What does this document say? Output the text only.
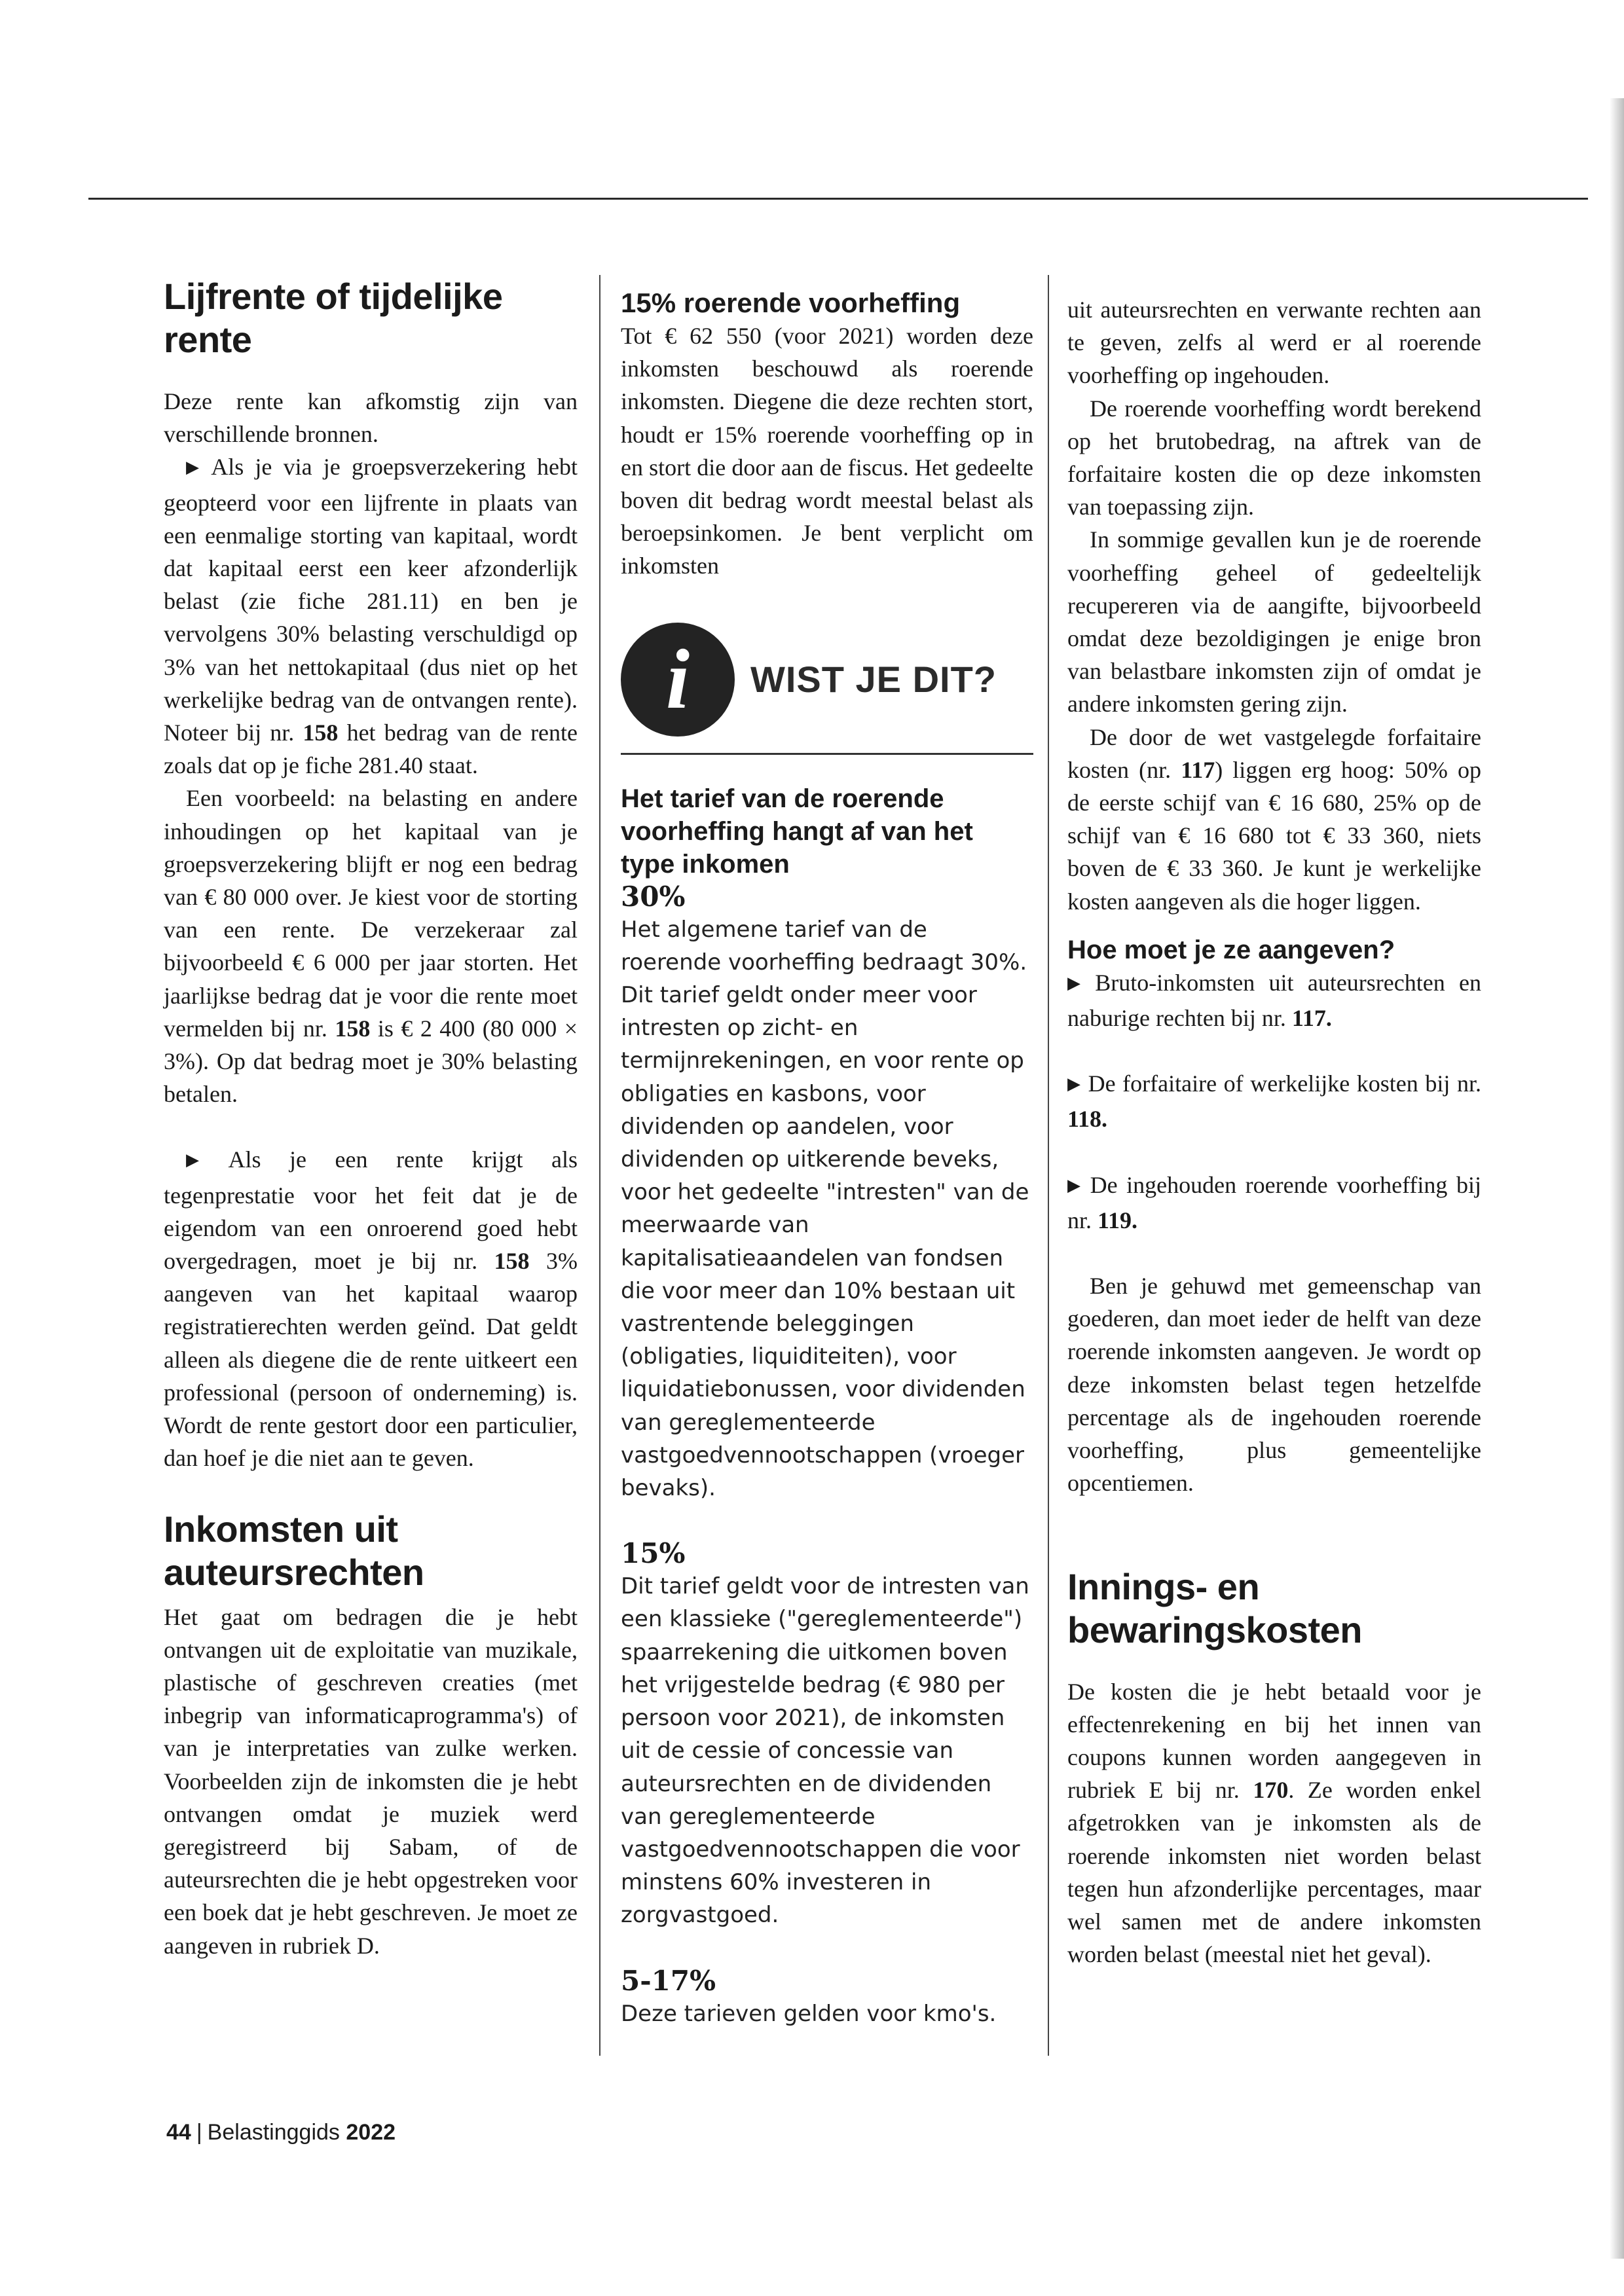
Lijfrente of tijdelijke rente

Deze rente kan afkomstig zijn van verschillende bronnen.

▶ Als je via je groepsverzekering hebt geopteerd voor een lijfrente in plaats van een eenmalige storting van kapitaal, wordt dat kapitaal eerst een keer afzonderlijk belast (zie fiche 281.11) en ben je vervolgens 30% belasting verschuldigd op 3% van het nettokapitaal (dus niet op het werkelijke bedrag van de ontvangen rente). Noteer bij nr. 158 het bedrag van de rente zoals dat op je fiche 281.40 staat.

Een voorbeeld: na belasting en andere inhoudingen op het kapitaal van je groepsverzekering blijft er nog een bedrag van € 80 000 over. Je kiest voor de storting van een rente. De verzekeraar zal bijvoorbeeld € 6 000 per jaar storten. Het jaarlijkse bedrag dat je voor die rente moet vermelden bij nr. 158 is € 2 400 (80 000 × 3%). Op dat bedrag moet je 30% belasting betalen.

▶ Als je een rente krijgt als tegenprestatie voor het feit dat je de eigendom van een onroerend goed hebt overgedragen, moet je bij nr. 158 3% aangeven van het kapitaal waarop registratierechten werden geïnd. Dat geldt alleen als diegene die de rente uitkeert een professional (persoon of onderneming) is. Wordt de rente gestort door een particulier, dan hoef je die niet aan te geven.

Inkomsten uit auteursrechten

Het gaat om bedragen die je hebt ontvangen uit de exploitatie van muzikale, plastische of geschreven creaties (met inbegrip van informaticaprogramma's) of van je interpretaties van zulke werken. Voorbeelden zijn de inkomsten die je hebt ontvangen omdat je muziek werd geregistreerd bij Sabam, of de auteursrechten die je hebt opgestreken voor een boek dat je hebt geschreven. Je moet ze aangeven in rubriek D.

15% roerende voorheffing

Tot € 62 550 (voor 2021) worden deze inkomsten beschouwd als roerende inkomsten. Diegene die deze rechten stort, houdt er 15% roerende voorheffing op in en stort die door aan de fiscus. Het gedeelte boven dit bedrag wordt meestal belast als beroepsinkomen. Je bent verplicht om inkomsten

i WIST JE DIT?
Het tarief van de roerende voorheffing hangt af van het type inkomen
30%

Het algemene tarief van de roerende voorheffing bedraagt 30%. Dit tarief geldt onder meer voor intresten op zicht- en termijnrekeningen, en voor rente op obligaties en kasbons, voor dividenden op aandelen, voor dividenden op uitkerende beveks, voor het gedeelte "intresten" van de meerwaarde van kapitalisatieaandelen van fondsen die voor meer dan 10% bestaan uit vastrentende beleggingen (obligaties, liquiditeiten), voor liquidatiebonussen, voor dividenden van gereglementeerde vastgoedvennootschappen (vroeger bevaks).

15%

Dit tarief geldt voor de intresten van een klassieke ("gereglementeerde") spaarrekening die uitkomen boven het vrijgestelde bedrag (€ 980 per persoon voor 2021), de inkomsten uit de cessie of concessie van auteursrechten en de dividenden van gereglementeerde vastgoedvennootschappen die voor minstens 60% investeren in zorgvastgoed.

5-17%

Deze tarieven gelden voor kmo's.

uit auteursrechten en verwante rechten aan te geven, zelfs al werd er al roerende voorheffing op ingehouden.

De roerende voorheffing wordt berekend op het brutobedrag, na aftrek van de forfaitaire kosten die op deze inkomsten van toepassing zijn.

In sommige gevallen kun je de roerende voorheffing geheel of gedeeltelijk recupereren via de aangifte, bijvoorbeeld omdat deze bezoldigingen je enige bron van belastbare inkomsten zijn of omdat je andere inkomsten gering zijn.

De door de wet vastgelegde forfaitaire kosten (nr. 117) liggen erg hoog: 50% op de eerste schijf van € 16 680, 25% op de schijf van € 16 680 tot € 33 360, niets boven de € 33 360. Je kunt je werkelijke kosten aangeven als die hoger liggen.

Hoe moet je ze aangeven?

▶ Bruto-inkomsten uit auteursrechten en naburige rechten bij nr. 117.

▶ De forfaitaire of werkelijke kosten bij nr. 118.

▶ De ingehouden roerende voorheffing bij nr. 119.

Ben je gehuwd met gemeenschap van goederen, dan moet ieder de helft van deze roerende inkomsten aangeven. Je wordt op deze inkomsten belast tegen hetzelfde percentage als de ingehouden roerende voorheffing, plus gemeentelijke opcentiemen.

Innings- en bewaringskosten

De kosten die je hebt betaald voor je effectenrekening en bij het innen van coupons kunnen worden aangegeven in rubriek E bij nr. 170. Ze worden enkel afgetrokken van je inkomsten als de roerende inkomsten niet worden belast tegen hun afzonderlijke percentages, maar wel samen met de andere inkomsten worden belast (meestal niet het geval).

44 | Belastinggids 2022
